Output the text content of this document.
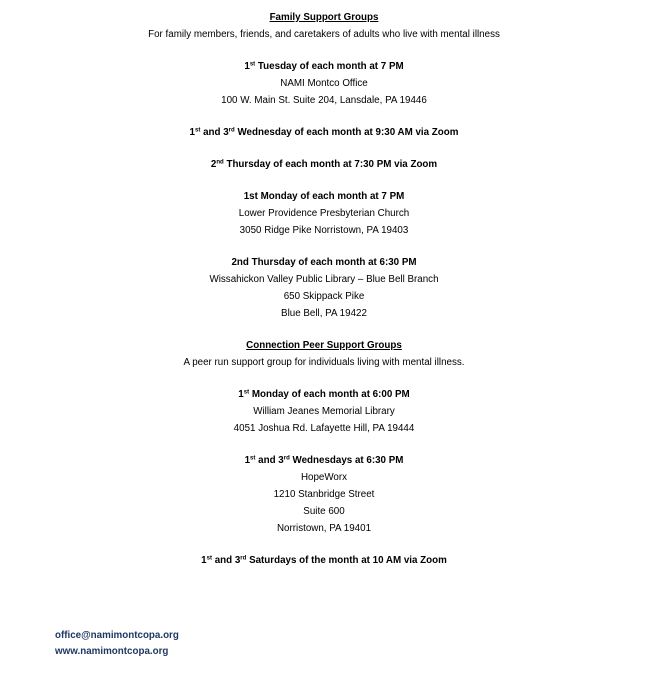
Family Support Groups
For family members, friends, and caretakers of adults who live with mental illness
1st Tuesday of each month at 7 PM
NAMI Montco Office
100 W. Main St. Suite 204, Lansdale, PA 19446
1st and 3rd Wednesday of each month at 9:30 AM via Zoom
2nd Thursday of each month at 7:30 PM via Zoom
1st Monday of each month at 7 PM
Lower Providence Presbyterian Church
3050 Ridge Pike Norristown, PA 19403
2nd Thursday of each month at 6:30 PM
Wissahickon Valley Public Library – Blue Bell Branch
650 Skippack Pike
Blue Bell, PA 19422
Connection Peer Support Groups
A peer run support group for individuals living with mental illness.
1st Monday of each month at 6:00 PM
William Jeanes Memorial Library
4051 Joshua Rd. Lafayette Hill, PA 19444
1st and 3rd Wednesdays at 6:30 PM
HopeWorx
1210 Stanbridge Street
Suite 600
Norristown, PA 19401
1st and 3rd Saturdays of the month at 10 AM via Zoom
office@namimontcopa.org
www.namimontcopa.org
